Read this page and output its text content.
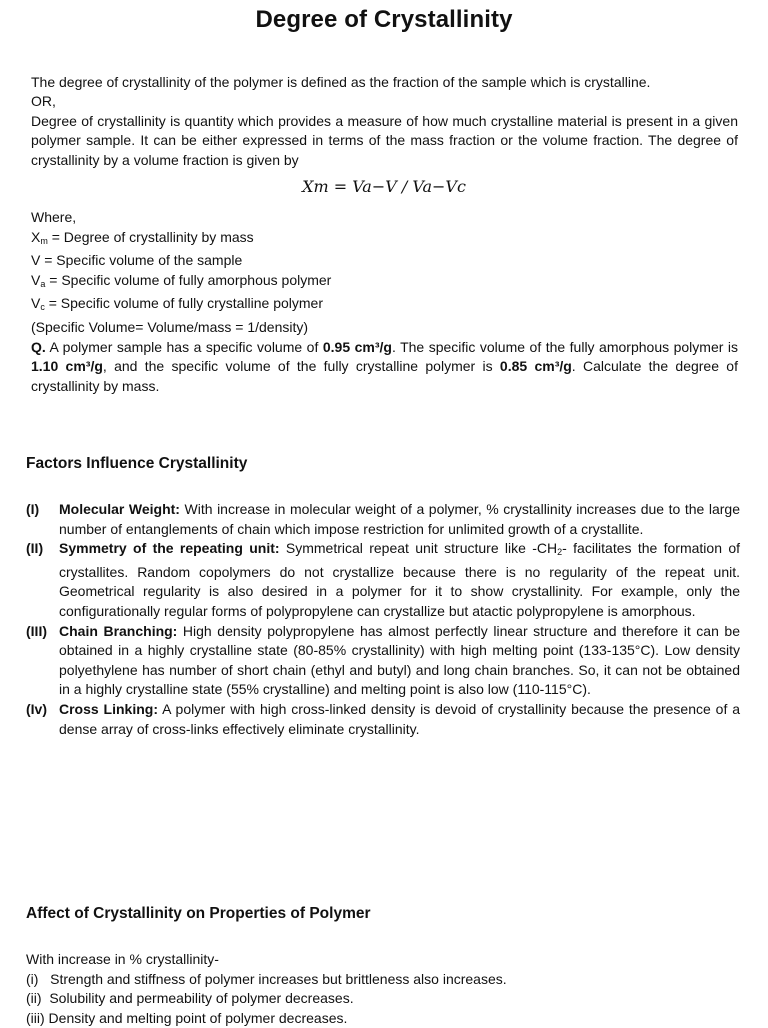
Degree of Crystallinity
The degree of crystallinity of the polymer is defined as the fraction of the sample which is crystalline.
OR,
Degree of crystallinity is quantity which provides a measure of how much crystalline material is present in a given polymer sample. It can be either expressed in terms of the mass fraction or the volume fraction. The degree of crystallinity by a volume fraction is given by
Xm = Va−V / Va−Vc
Where,
$X_m$ = Degree of crystallinity by mass
V = Specific volume of the sample
$V_a$ = Specific volume of fully amorphous polymer
$V_c$ = Specific volume of fully crystalline polymer
(Specific Volume= Volume/mass = 1/density)
Q. A polymer sample has a specific volume of 0.95 cm³/g. The specific volume of the fully amorphous polymer is 1.10 cm³/g, and the specific volume of the fully crystalline polymer is 0.85 cm³/g. Calculate the degree of crystallinity by mass.
Factors Influence Crystallinity
(I)	Molecular Weight: With increase in molecular weight of a polymer, % crystallinity increases due to the large number of entanglements of chain which impose restriction for unlimited growth of a crystallite.
(II)	Symmetry of the repeating unit: Symmetrical repeat unit structure like $-CH_2-$ facilitates the formation of crystallites. Random copolymers do not crystallize because there is no regularity of the repeat unit. Geometrical regularity is also desired in a polymer for it to show crystallinity. For example, only the configurationally regular forms of polypropylene can crystallize but atactic polypropylene is amorphous.
(III) Chain Branching: High density polypropylene has almost perfectly linear structure and therefore it can be obtained in a highly crystalline state (80-85% crystallinity) with high melting point (133-135°C). Low density polyethylene has number of short chain (ethyl and butyl) and long chain branches. So, it can not be obtained in a highly crystalline state (55% crystalline) and melting point is also low (110-115°C).
(Iv) Cross Linking: A polymer with high cross-linked density is devoid of crystallinity because the presence of a dense array of cross-links effectively eliminate crystallinity.
Affect of Crystallinity on Properties of Polymer
With increase in % crystallinity-
(i)   Strength and stiffness of polymer increases but brittleness also increases.
(ii)  Solubility and permeability of polymer decreases.
(iii) Density and melting point of polymer decreases.
